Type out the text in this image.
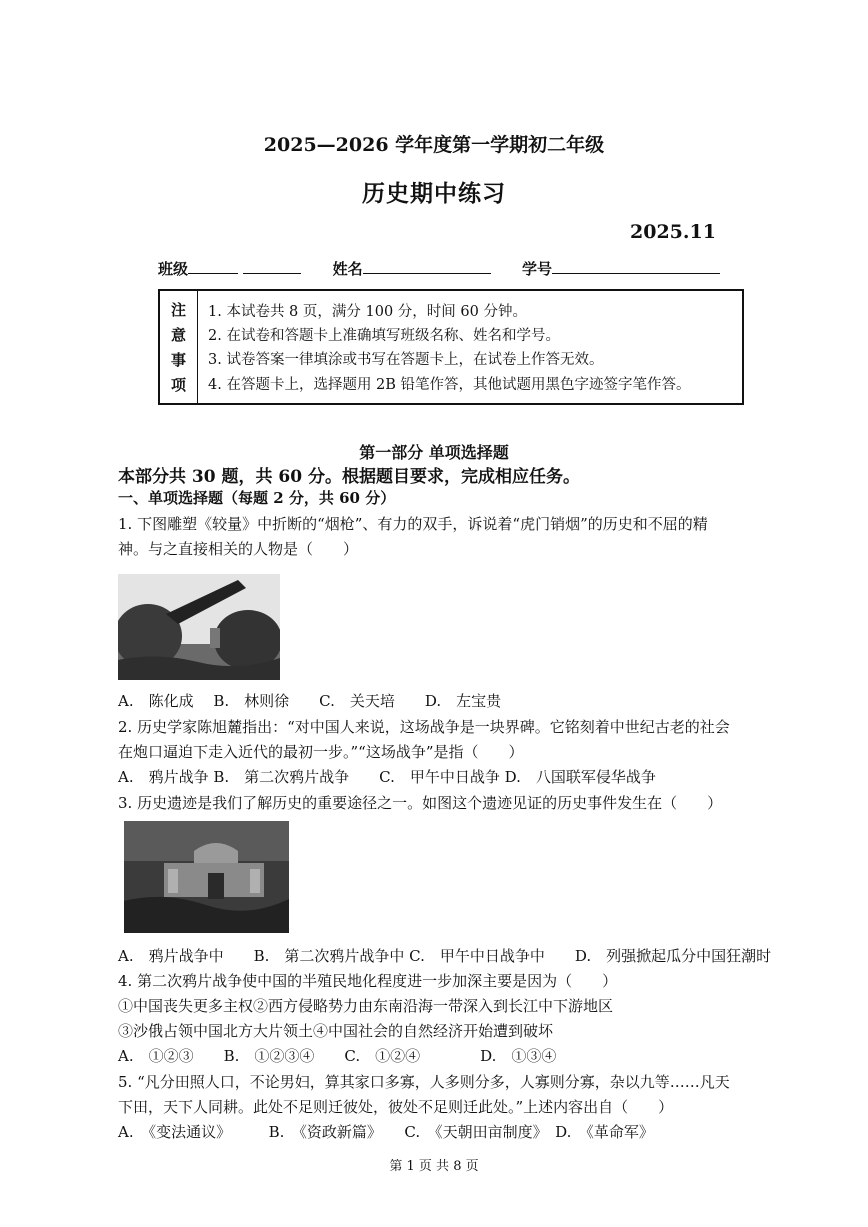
2025—2026 学年度第一学期初二年级
历史期中练习
2025.11
班级	姓名	学号
注
意
事
项
1. 本试卷共 8 页，满分 100 分，时间 60 分钟。
2. 在试卷和答题卡上准确填写班级名称、姓名和学号。
3. 试卷答案一律填涂或书写在答题卡上，在试卷上作答无效。
4. 在答题卡上，选择题用 2B 铅笔作答，其他试题用黑色字迹签字笔作答。
第一部分 单项选择题
本部分共 30 题，共 60 分。根据题目要求，完成相应任务。
一、单项选择题（每题 2 分，共 60 分）
1. 下图雕塑《较量》中折断的“烟枪”、有力的双手，诉说着“虎门销烟”的历史和不屈的精
神。与之直接相关的人物是（　　）
A.　陈化成　 B.　林则徐　　C.　关天培　　D.　左宝贵
2. 历史学家陈旭麓指出：“对中国人来说，这场战争是一块界碑。它铭刻着中世纪古老的社会
在炮口逼迫下走入近代的最初一步。”“这场战争”是指（　　）
A.　鸦片战争 B.　第二次鸦片战争　　C.　甲午中日战争 D.　八国联军侵华战争
3. 历史遗迹是我们了解历史的重要途径之一。如图这个遗迹见证的历史事件发生在（　　）
A.　鸦片战争中　　B.　第二次鸦片战争中 C.　甲午中日战争中　　D.　列强掀起瓜分中国狂潮时
4. 第二次鸦片战争使中国的半殖民地化程度进一步加深主要是因为（　　）
①中国丧失更多主权②西方侵略势力由东南沿海一带深入到长江中下游地区
③沙俄占领中国北方大片领土④中国社会的自然经济开始遭到破坏
A.　①②③　　B.　①②③④　　C.　①②④　　　　D.　①③④
5. “凡分田照人口，不论男妇，算其家口多寡，人多则分多，人寡则分寡，杂以九等……凡天
下田，天下人同耕。此处不足则迁彼处，彼处不足则迁此处。”上述内容出自（　　）
A.　《变法通议》　　　B.　《资政新篇》　　C.　《天朝田亩制度》　D.　《革命军》
第 1 页 共 8 页
